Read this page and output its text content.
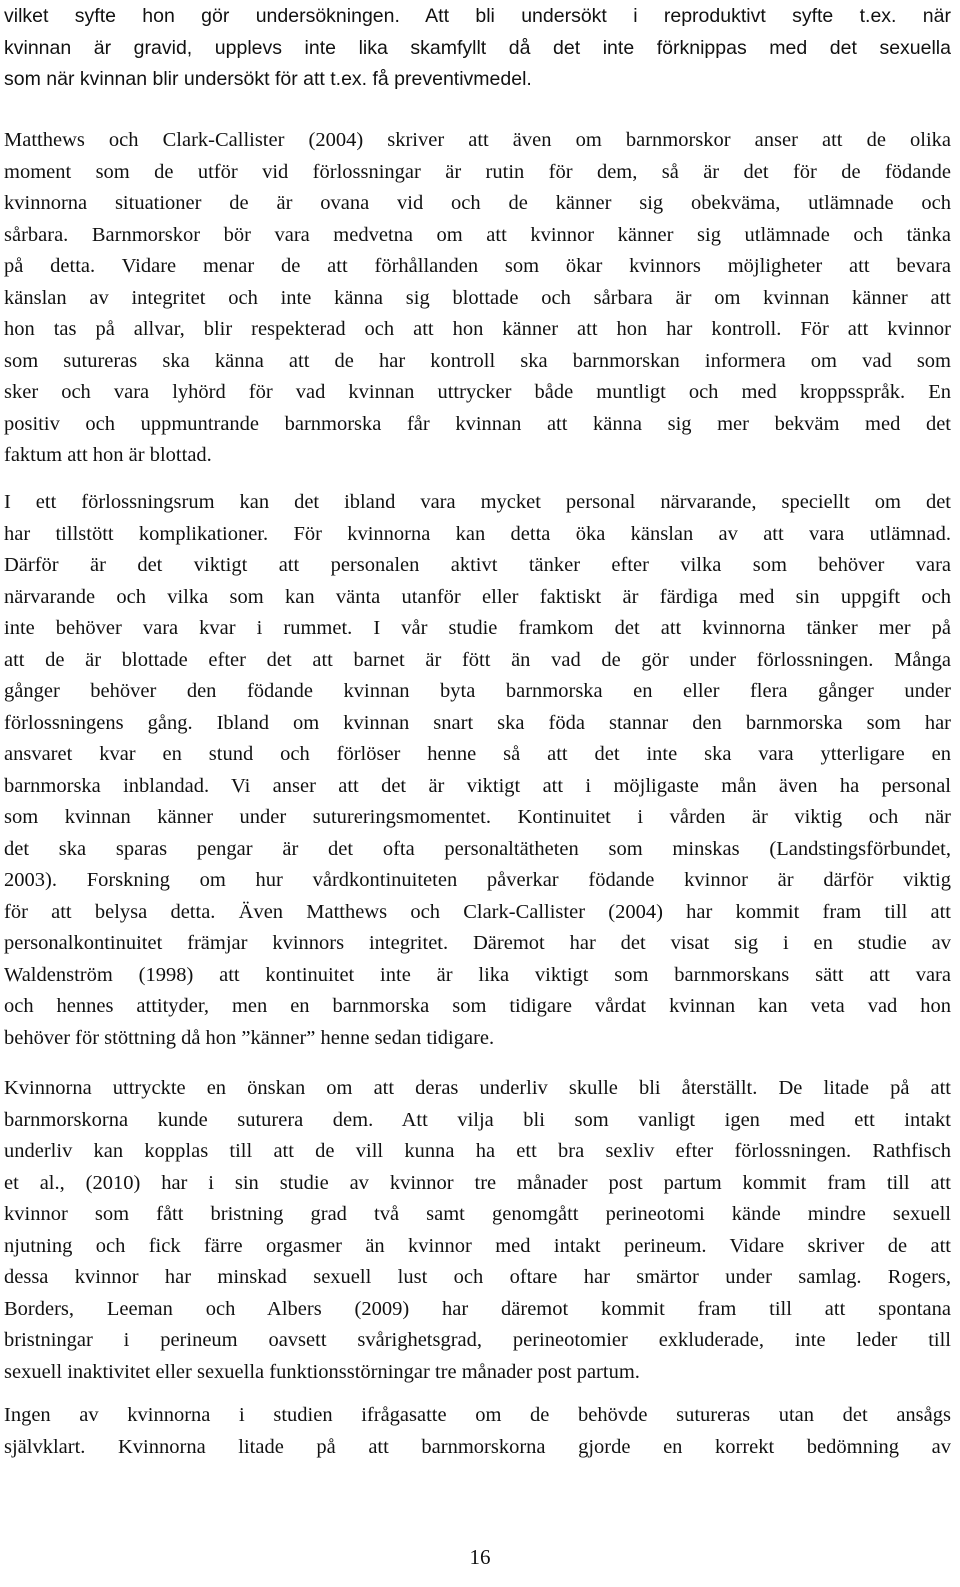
vilket syfte hon gör undersökningen. Att bli undersökt i reproduktivt syfte t.ex. när
kvinnan är gravid, upplevs inte lika skamfyllt då det inte förknippas med det sexuella
som när kvinnan blir undersökt för att t.ex. få preventivmedel.
Matthews och Clark-Callister (2004) skriver att även om barnmorskor anser att de olika
moment som de utför vid förlossningar är rutin för dem, så är det för de födande
kvinnorna situationer de är ovana vid och de känner sig obekväma, utlämnade och
sårbara. Barnmorskor bör vara medvetna om att kvinnor känner sig utlämnade och tänka
på detta. Vidare menar de att förhållanden som ökar kvinnors möjligheter att bevara
känslan av integritet och inte känna sig blottade och sårbara är om kvinnan känner att
hon tas på allvar, blir respekterad och att hon känner att hon har kontroll. För att kvinnor
som sutureras ska känna att de har kontroll ska barnmorskan informera om vad som
sker och vara lyhörd för vad kvinnan uttrycker både muntligt och med kroppsspråk. En
positiv och uppmuntrande barnmorska får kvinnan att känna sig mer bekväm med det
faktum att hon är blottad.
I ett förlossningsrum kan det ibland vara mycket personal närvarande, speciellt om det
har tillstött komplikationer. För kvinnorna kan detta öka känslan av att vara utlämnad.
Därför är det viktigt att personalen aktivt tänker efter vilka som behöver vara
närvarande och vilka som kan vänta utanför eller faktiskt är färdiga med sin uppgift och
inte behöver vara kvar i rummet. I vår studie framkom det att kvinnorna tänker mer på
att de är blottade efter det att barnet är fött än vad de gör under förlossningen. Många
gånger behöver den födande kvinnan byta barnmorska en eller flera gånger under
förlossningens gång. Ibland om kvinnan snart ska föda stannar den barnmorska som har
ansvaret kvar en stund och förlöser henne så att det inte ska vara ytterligare en
barnmorska inblandad. Vi anser att det är viktigt att i möjligaste mån även ha personal
som kvinnan känner under sutureringsmomentet. Kontinuitet i vården är viktig och när
det ska sparas pengar är det ofta personaltätheten som minskas (Landstingsförbundet,
2003). Forskning om hur vårdkontinuiteten påverkar födande kvinnor är därför viktig
för att belysa detta. Även Matthews och Clark-Callister (2004) har kommit fram till att
personalkontinuitet främjar kvinnors integritet. Däremot har det visat sig i en studie av
Waldenström (1998) att kontinuitet inte är lika viktigt som barnmorskans sätt att vara
och hennes attityder, men en barnmorska som tidigare vårdat kvinnan kan veta vad hon
behöver för stöttning då hon ”känner” henne sedan tidigare.
Kvinnorna uttryckte en önskan om att deras underliv skulle bli återställt. De litade på att
barnmorskorna kunde suturera dem. Att vilja bli som vanligt igen med ett intakt
underliv kan kopplas till att de vill kunna ha ett bra sexliv efter förlossningen. Rathfisch
et al., (2010) har i sin studie av kvinnor tre månader post partum kommit fram till att
kvinnor som fått bristning grad två samt genomgått perineotomi kände mindre sexuell
njutning och fick färre orgasmer än kvinnor med intakt perineum. Vidare skriver de att
dessa kvinnor har minskad sexuell lust och oftare har smärtor under samlag. Rogers,
Borders, Leeman och Albers (2009) har däremot kommit fram till att spontana
bristningar i perineum oavsett svårighetsgrad, perineotomier exkluderade, inte leder till
sexuell inaktivitet eller sexuella funktionsstörningar tre månader post partum.
Ingen av kvinnorna i studien ifrågasatte om de behövde sutureras utan det ansågs
självklart. Kvinnorna litade på att barnmorskorna gjorde en korrekt bedömning av
16
